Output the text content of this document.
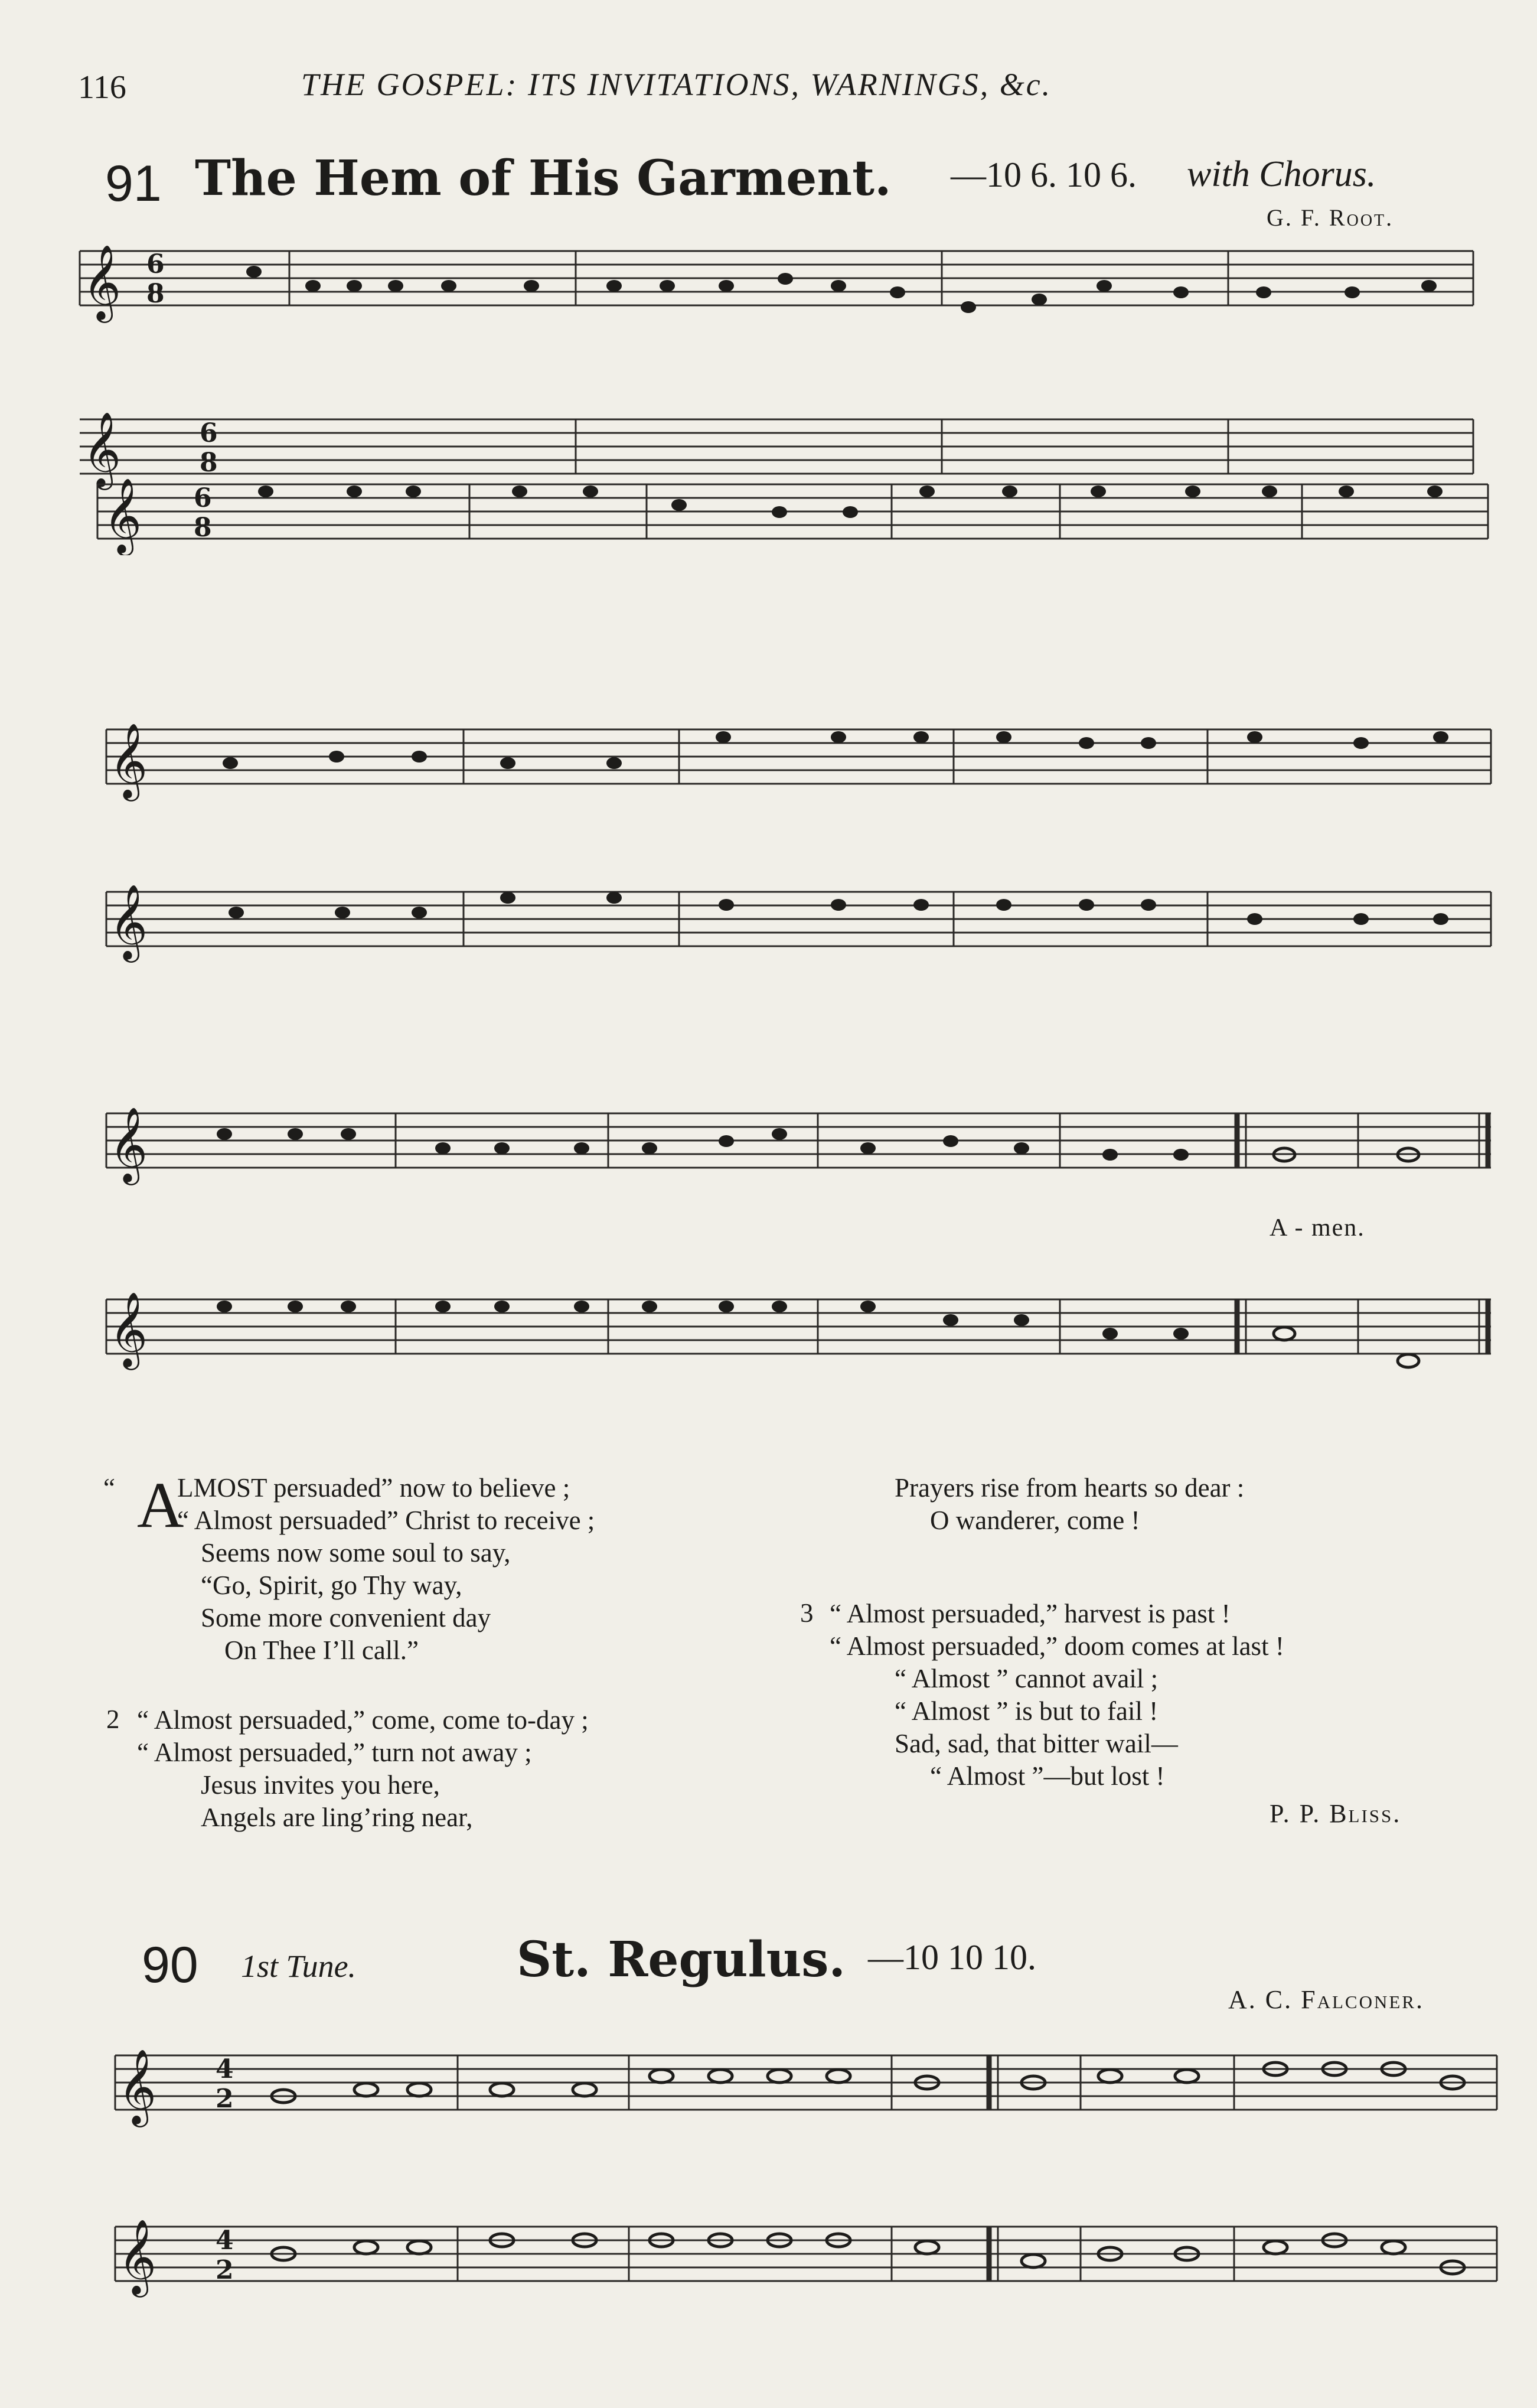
116	THE GOSPEL: ITS INVITATIONS, WARNINGS, &c.
91 The Hem of His Garment. —10 6. 10 6. with Chorus.
G. F. Root.
𝄞 6
8
𝄞	6
8
𝄞 6
8
𝄞
𝄞
𝄞
𝄞
A - men.
“ A
LMOST persuaded” now to believe ;
“ Almost persuaded” Christ to receive ;
Seems now some soul to say,
“Go, Spirit, go Thy way,
Some more convenient day
On Thee I’ll call.”
2 “ Almost persuaded,” come, come to-day ;
“ Almost persuaded,” turn not away ;
Jesus invites you here,
Angels are ling’ring near,
Prayers rise from hearts so dear :
O wanderer, come !
3 “ Almost persuaded,” harvest is past !
“ Almost persuaded,” doom comes at last !
“ Almost ” cannot avail ;
“ Almost ” is but to fail !
Sad, sad, that bitter wail—
“ Almost ”—but lost !
P. P. Bliss.
90 1st Tune.	St. Regulus. —10 10 10.
A. C. Falconer.
𝄞 4
2
𝄞 4
2
